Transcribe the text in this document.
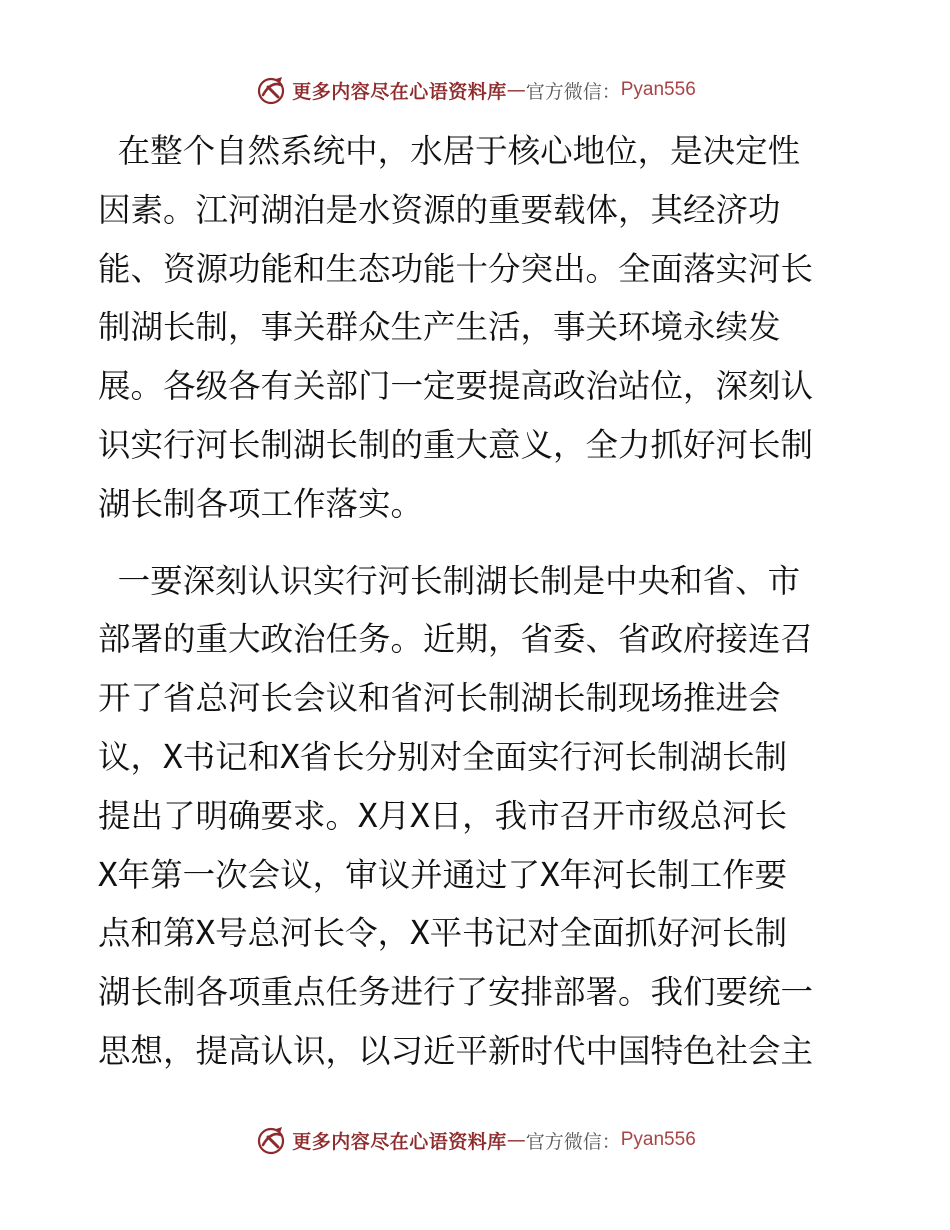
更多内容尽在心语资料库 — 官方微信： Pyan556

在整个自然系统中，水居于核心地位，是决定性
因素。江河湖泊是水资源的重要载体，其经济功
能、资源功能和生态功能十分突出。全面落实河长
制湖长制，事关群众生产生活，事关环境永续发
展。各级各有关部门一定要提高政治站位，深刻认
识实行河长制湖长制的重大意义，全力抓好河长制
湖长制各项工作落实。

一要深刻认识实行河长制湖长制是中央和省、市
部署的重大政治任务。近期，省委、省政府接连召
开了省总河长会议和省河长制湖长制现场推进会
议，X书记和X省长分别对全面实行河长制湖长制
提出了明确要求。X月X日，我市召开市级总河长
X年第一次会议，审议并通过了X年河长制工作要
点和第X号总河长令，X平书记对全面抓好河长制
湖长制各项重点任务进行了安排部署。我们要统一
思想，提高认识，以习近平新时代中国特色社会主

更多内容尽在心语资料库 — 官方微信： Pyan556
